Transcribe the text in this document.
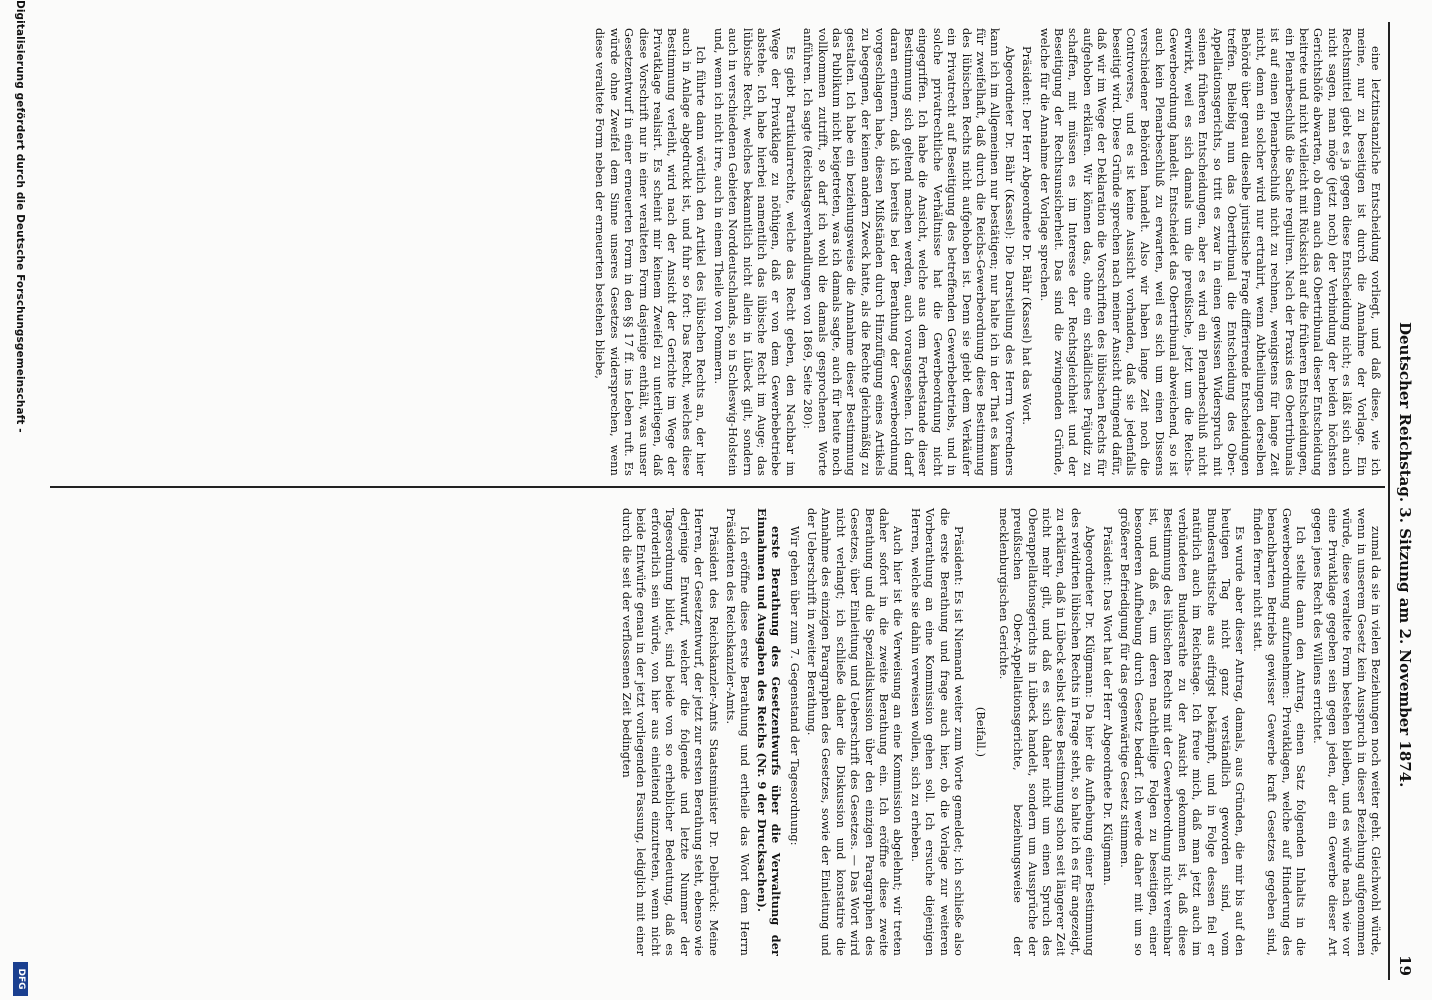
Deutscher Reichstag. 3. Sitzung am 2. November 1874.
19

eine letztinstanzliche Entscheidung vorliegt, und daß diese, wie ich meine, nur zu beseitigen ist durch die Annahme der Vorlage. Ein Rechtsmittel giebt es ja gegen diese Entscheidung nicht; es läßt sich auch nicht sagen, man möge (jetzt noch) der Verbindung der beiden höchsten Gerichtshöfe abwarten, ob denn auch das Obertribunal dieser Entscheidung beitrete und nicht vielleicht mit Rücksicht auf die früheren Entscheidungen, ein Plenarbeschluß die Sache reguliren. Nach der Praxis des Obertribunals ist auf einen Plenarbeschluß nicht zu rechnen, wenigstens für lange Zeit nicht, denn ein solcher wird nur ertrahirt, wenn Abtheilungen derselben Behörde über genau dieselbe juristische Frage differirende Entscheidungen treffen. Beliebig nun das Obertribunal die Entscheidung des Ober-Appellationsgerichts, so tritt es zwar in einen gewissen Widerspruch mit seinen früheren Entscheidungen, aber es wird ein Plenarbeschluß nicht erwirkt, weil es sich damals um die preußische, jetzt um die Reichs-Gewerbeordnung handelt. Entscheidet das Obertribunal abweichend, so ist auch kein Plenarbeschluß zu erwarten, weil es sich um einen Dissens verschiedener Behörden handelt. Also wir haben lange Zeit noch die Controverse, und es ist keine Aussicht vorhanden, daß sie jedenfalls beseitigt wird. Diese Gründe sprechen nach meiner Ansicht dringend dafür, daß wir im Wege der Deklaration die Vorschriften des lübischen Rechts für aufgehoben erklären. Wir können das, ohne ein schädliches Präjudiz zu schaffen, mit müssen es im Interesse der Rechtsgleichheit und der Beseitigung der Rechtsunsicherheit. Das sind die zwingenden Gründe, welche für die Annahme der Vorlage sprechen.

Präsident: Der Herr Abgeordnete Dr. Bähr (Kassel) hat das Wort.

Abgeordneter Dr. Bähr (Kassel): Die Darstellung des Herrn Vorredners kann ich im Allgemeinen nur bestätigen; nur halte ich in der That es kaum für zweifelhaft, daß durch die Reichs-Gewerbeordnung diese Bestimmung des lübischen Rechts nicht aufgehoben ist. Denn sie giebt dem Verkäufer ein Privatrecht auf Beseitigung des betreffenden Gewerbebetriebs, und in solche privatrechtliche Verhältnisse hat die Gewerbeordnung nicht eingegriffen. Ich habe die Ansicht, welche aus dem Fortbestande dieser Bestimmung sich geltend machen werden, auch vorausgesehen. Ich darf daran erinnern, daß ich bereits bei der Berathung der Gewerbeordnung vorgeschlagen habe, diesen Mißständen durch Hinzufügung eines Artikels zu begegnen, der keinen andern Zweck hatte, als die Rechte gleichmäßig zu gestalten. Ich habe ein beziehungsweise die Annahme dieser Bestimmung das Publikum nicht beigetreten, was ich damals sagte, auch für heute noch vollkommen zutrifft, so darf ich wohl die damals gesprochenen Worte anführen. Ich sagte (Reichstagsverhandlungen von 1869, Seite 280):

Es giebt Partikularrechte, welche das Recht geben, den Nachbar im Wege der Privatklage zu nöthigen, daß er von dem Gewerbebetriebe abstehe. Ich habe hierbei namentlich das lübische Recht im Auge; das lübische Recht, welches bekanntlich nicht allein in Lübeck gilt, sondern auch in verschiedenen Gebieten Norddeutschlands, so in Schleswig-Holstein und, wenn ich nicht irre, auch in einem Theile von Pommern.

Ich führte dann wörtlich den Artikel des lübischen Rechts an, der hier auch in Anlage abgedruckt ist, und fuhr so fort: Das Recht, welches diese Bestimmung verleiht, wird nach der Ansicht der Gerichte im Wege der Privatklage realisirt. Es scheint mir keinem Zweifel zu unterliegen, daß diese Vorschrift nur in einer veralteten Form dasjenige enthält, was unser Gesetzentwurf in einer erneuerten Form in den §§ 17 ff. ins Leben ruft. Es würde ohne Zweifel dem Sinne unseres Gesetzes widersprechen, wenn diese veraltete Form neben der erneuerten bestehen bliebe,

zumal da sie in vielen Beziehungen noch weiter geht. Gleichwohl würde, wenn in unserem Gesetz kein Ausspruch in dieser Beziehung aufgenommen würde, diese veraltete Form bestehen bleiben, und es würde nach wie vor eine Privatklage gegeben sein gegen jeden, der ein Gewerbe dieser Art gegen jenes Recht des Willens errichtet.

Ich stellte dann den Antrag, einen Satz folgenden Inhalts in die Gewerbeordnung aufzunehmen: Privatklagen, welche auf Hinderung des benachbarten Betriebs gewisser Gewerbe kraft Gesetzes gegeben sind, finden ferner nicht statt.

Es wurde aber dieser Antrag, damals, aus Gründen, die mir bis auf den heutigen Tag nicht ganz verständlich geworden sind, vom Bundesrathstische aus eifrigst bekämpft, und in Folge dessen fiel er natürlich auch im Reichstage. Ich freue mich, daß man jetzt auch im verbündeten Bundesrathe zu der Ansicht gekommen ist, daß diese Bestimmung des lübischen Rechts mit der Gewerbeordnung nicht vereinbar ist, und daß es, um deren nachtheilige Folgen zu beseitigen, einer besonderen Aufhebung durch Gesetz bedarf. Ich werde daher mit um so größerer Befriedigung für das gegenwärtige Gesetz stimmen.

Präsident: Das Wort hat der Herr Abgeordnete Dr. Klügmann.

Abgeordneter Dr. Klügmann: Da hier die Aufhebung einer Bestimmung des revidirten lübischen Rechts in Frage steht, so halte ich es für angezeigt, zu erklären, daß in Lübeck selbst diese Bestimmung schon seit längerer Zeit nicht mehr gilt, und daß es sich daher nicht um einen Spruch des Oberappellationsgerichts in Lübeck handelt, sondern um Aussprüche der preußischen Ober-Appellationsgerichte, beziehungsweise der mecklenburgischen Gerichte.

(Beifall.)

Präsident: Es ist Niemand weiter zum Worte gemeldet; ich schließe also die erste Berathung und frage auch hier, ob die Vorlage zur weiteren Vorberathung an eine Kommission gehen soll. Ich ersuche diejenigen Herren, welche sie dahin verweisen wollen, sich zu erheben.

Auch hier ist die Verweisung an eine Kommission abgelehnt; wir treten daher sofort in die zweite Berathung ein. Ich eröffne diese zweite Berathung und die Spezialdiskussion über den einzigen Paragraphen des Gesetzes, über Einleitung und Ueberschrift des Gesetzes. — Das Wort wird nicht verlangt; ich schließe daher die Diskussion und konstatire die Annahme des einzigen Paragraphen des Gesetzes, sowie der Einleitung und der Ueberschrift in zweiter Berathung.

Wir gehen über zum 7. Gegenstand der Tagesordnung:

erste Berathung des Gesetzentwurfs über die Verwaltung der Einnahmen und Ausgaben des Reichs (Nr. 9 der Drucksachen).

Ich eröffne diese erste Berathung und ertheile das Wort dem Herrn Präsidenten des Reichskanzler-Amts.

Präsident des Reichskanzler-Amts Staatsminister Dr. Delbrück: Meine Herren, der Gesetzentwurf, der jetzt zur ersten Berathung steht, ebenso wie derjenige Entwurf, welcher die folgende und letzte Nummer der Tagesordnung bildet, sind beide von so erheblicher Bedeutung, daß es erforderlich sein würde, von hier aus einleitend einzutreten, wenn nicht beide Entwürfe genau in der jetzt vorliegenden Fassung, lediglich mit einer durch die seit der verflossenen Zeit bedingten

Digitalisierung gefördert durch die Deutsche Forschungsgemeinschaft -
DFG
